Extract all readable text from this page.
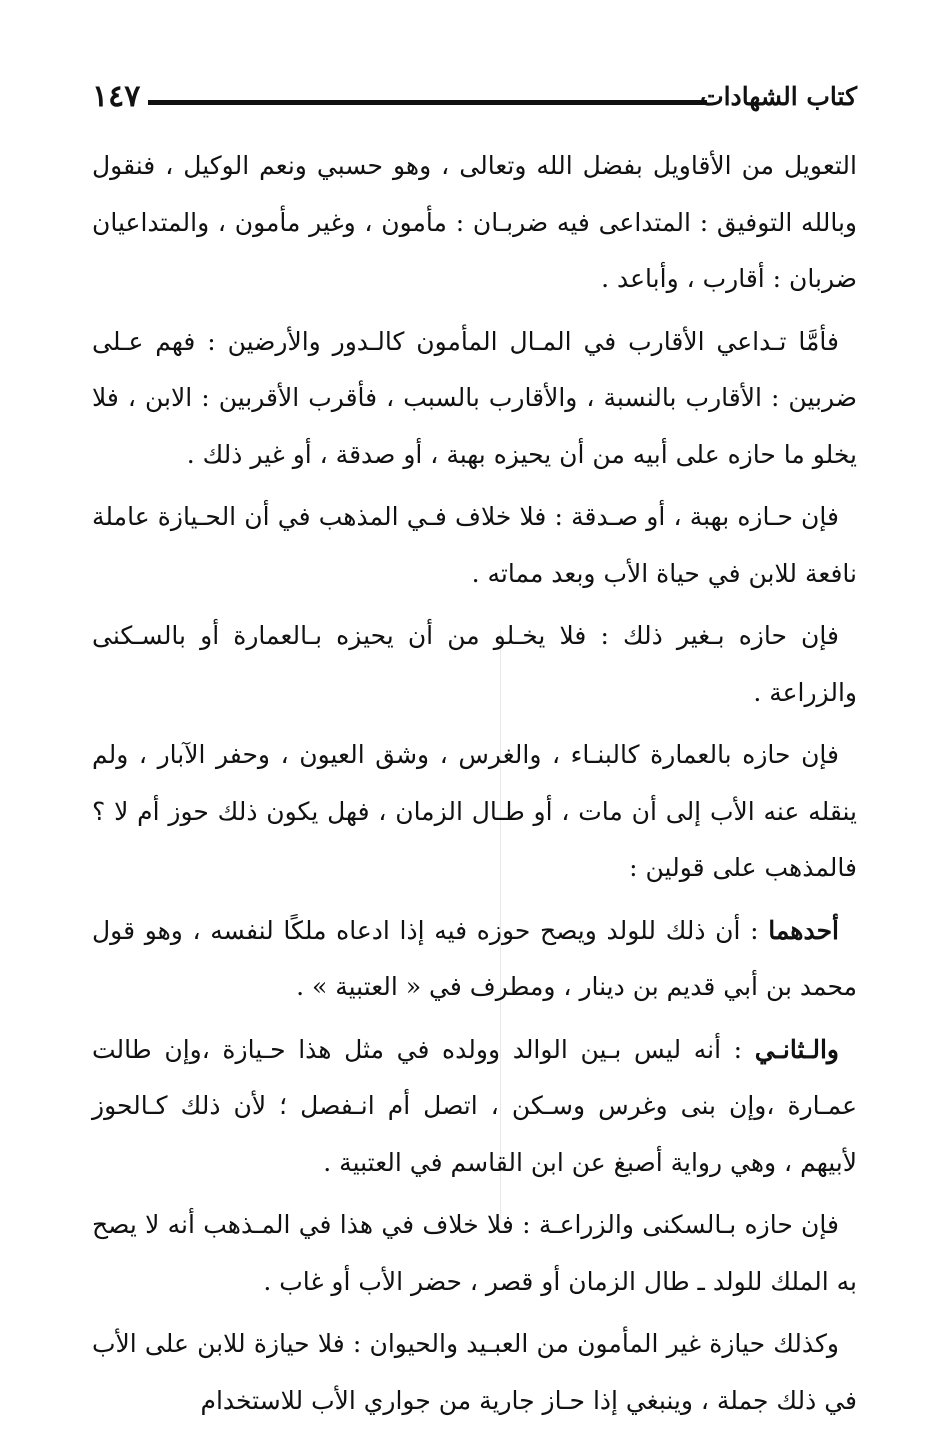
١٤٧	كتاب الشهادات

التعويل من الأقاويل بفضل الله وتعالى ، وهو حسبي ونعم الوكيل ، فنقول وبالله التوفيق : المتداعى فيه ضربـان : مأمون ، وغير مأمون ، والمتداعيان ضربان : أقارب ، وأباعد .

فأمَّا تـداعي الأقارب في المـال المأمون كالـدور والأرضين : فهم عـلى ضربين : الأقارب بالنسبة ، والأقارب بالسبب ، فأقرب الأقربين : الابن ، فلا يخلو ما حازه على أبيه من أن يحيزه بهبة ، أو صدقة ، أو غير ذلك .

فإن حـازه بهبة ، أو صـدقة : فلا خلاف فـي المذهب في أن الحـيازة عاملة نافعة للابن في حياة الأب وبعد مماته .

فإن حازه بـغير ذلك : فلا يخـلو من أن يحيزه بـالعمارة أو بالسـكنى والزراعة .

فإن حازه بالعمارة كالبنـاء ، والغرس ، وشق العيون ، وحفر الآبار ، ولم ينقله عنه الأب إلى أن مات ، أو طـال الزمان ، فهل يكون ذلك حوز أم لا ؟ فالمذهب على قولين :

أحدهما : أن ذلك للولد ويصح حوزه فيه إذا ادعاه ملكًا لنفسه ، وهو قول محمد بن أبي قديم بن دينار ، ومطرف في « العتبية » .

والـثانـي : أنه ليس بـين الوالد وولده في مثل هذا حـيازة ،وإن طالت عمـارة ،وإن بنى وغرس وسـكن ، اتصل أم انـفصل ؛ لأن ذلك كـالحوز لأبيهم ، وهي رواية أصبغ عن ابن القاسم في العتبية .

فإن حازه بـالسكنى والزراعـة : فلا خلاف في هذا في المـذهب أنه لا يصح به الملك للولد ـ طال الزمان أو قصر ، حضر الأب أو غاب .

وكذلك حيازة غير المأمون من العبـيد والحيوان : فلا حيازة للابن على الأب في ذلك جملة ، وينبغي إذا حـاز جارية من جواري الأب للاستخدام
